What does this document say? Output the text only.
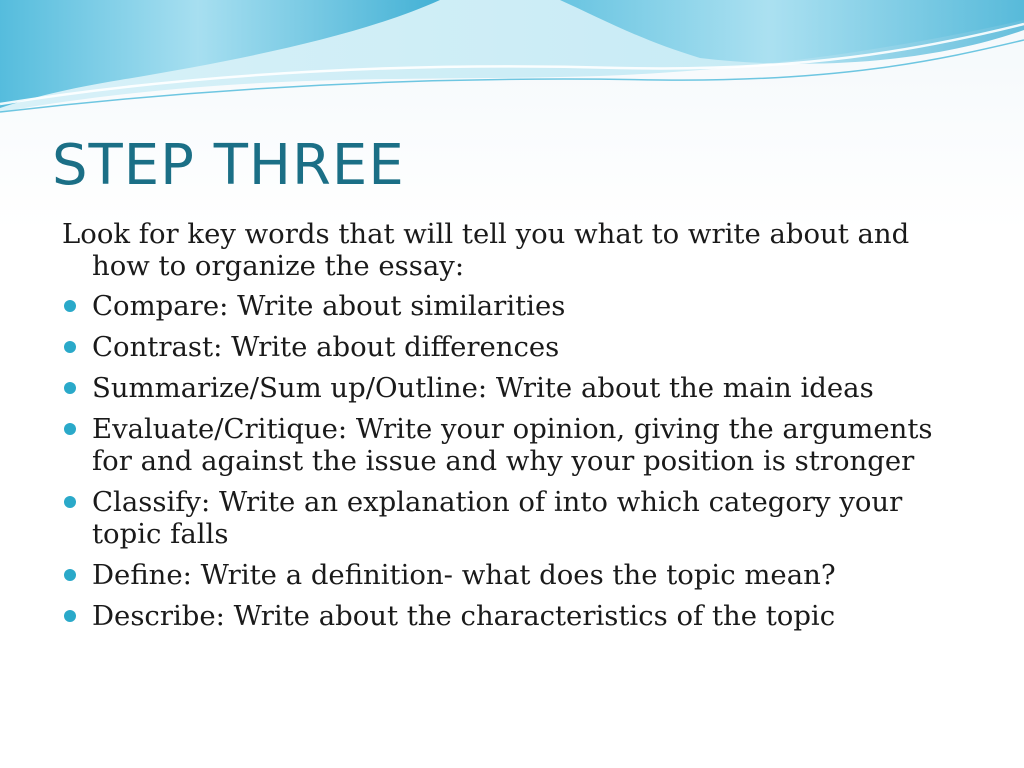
STEP THREE
Look for key words that will tell you what to write about and how to organize the essay:
Compare: Write about similarities
Contrast: Write about differences
Summarize/Sum up/Outline: Write about the main ideas
Evaluate/Critique: Write your opinion, giving the arguments for and against the issue and why your position is stronger
Classify: Write an explanation of into which category your topic falls
Define: Write a definition- what does the topic mean?
Describe: Write about the characteristics of the topic
